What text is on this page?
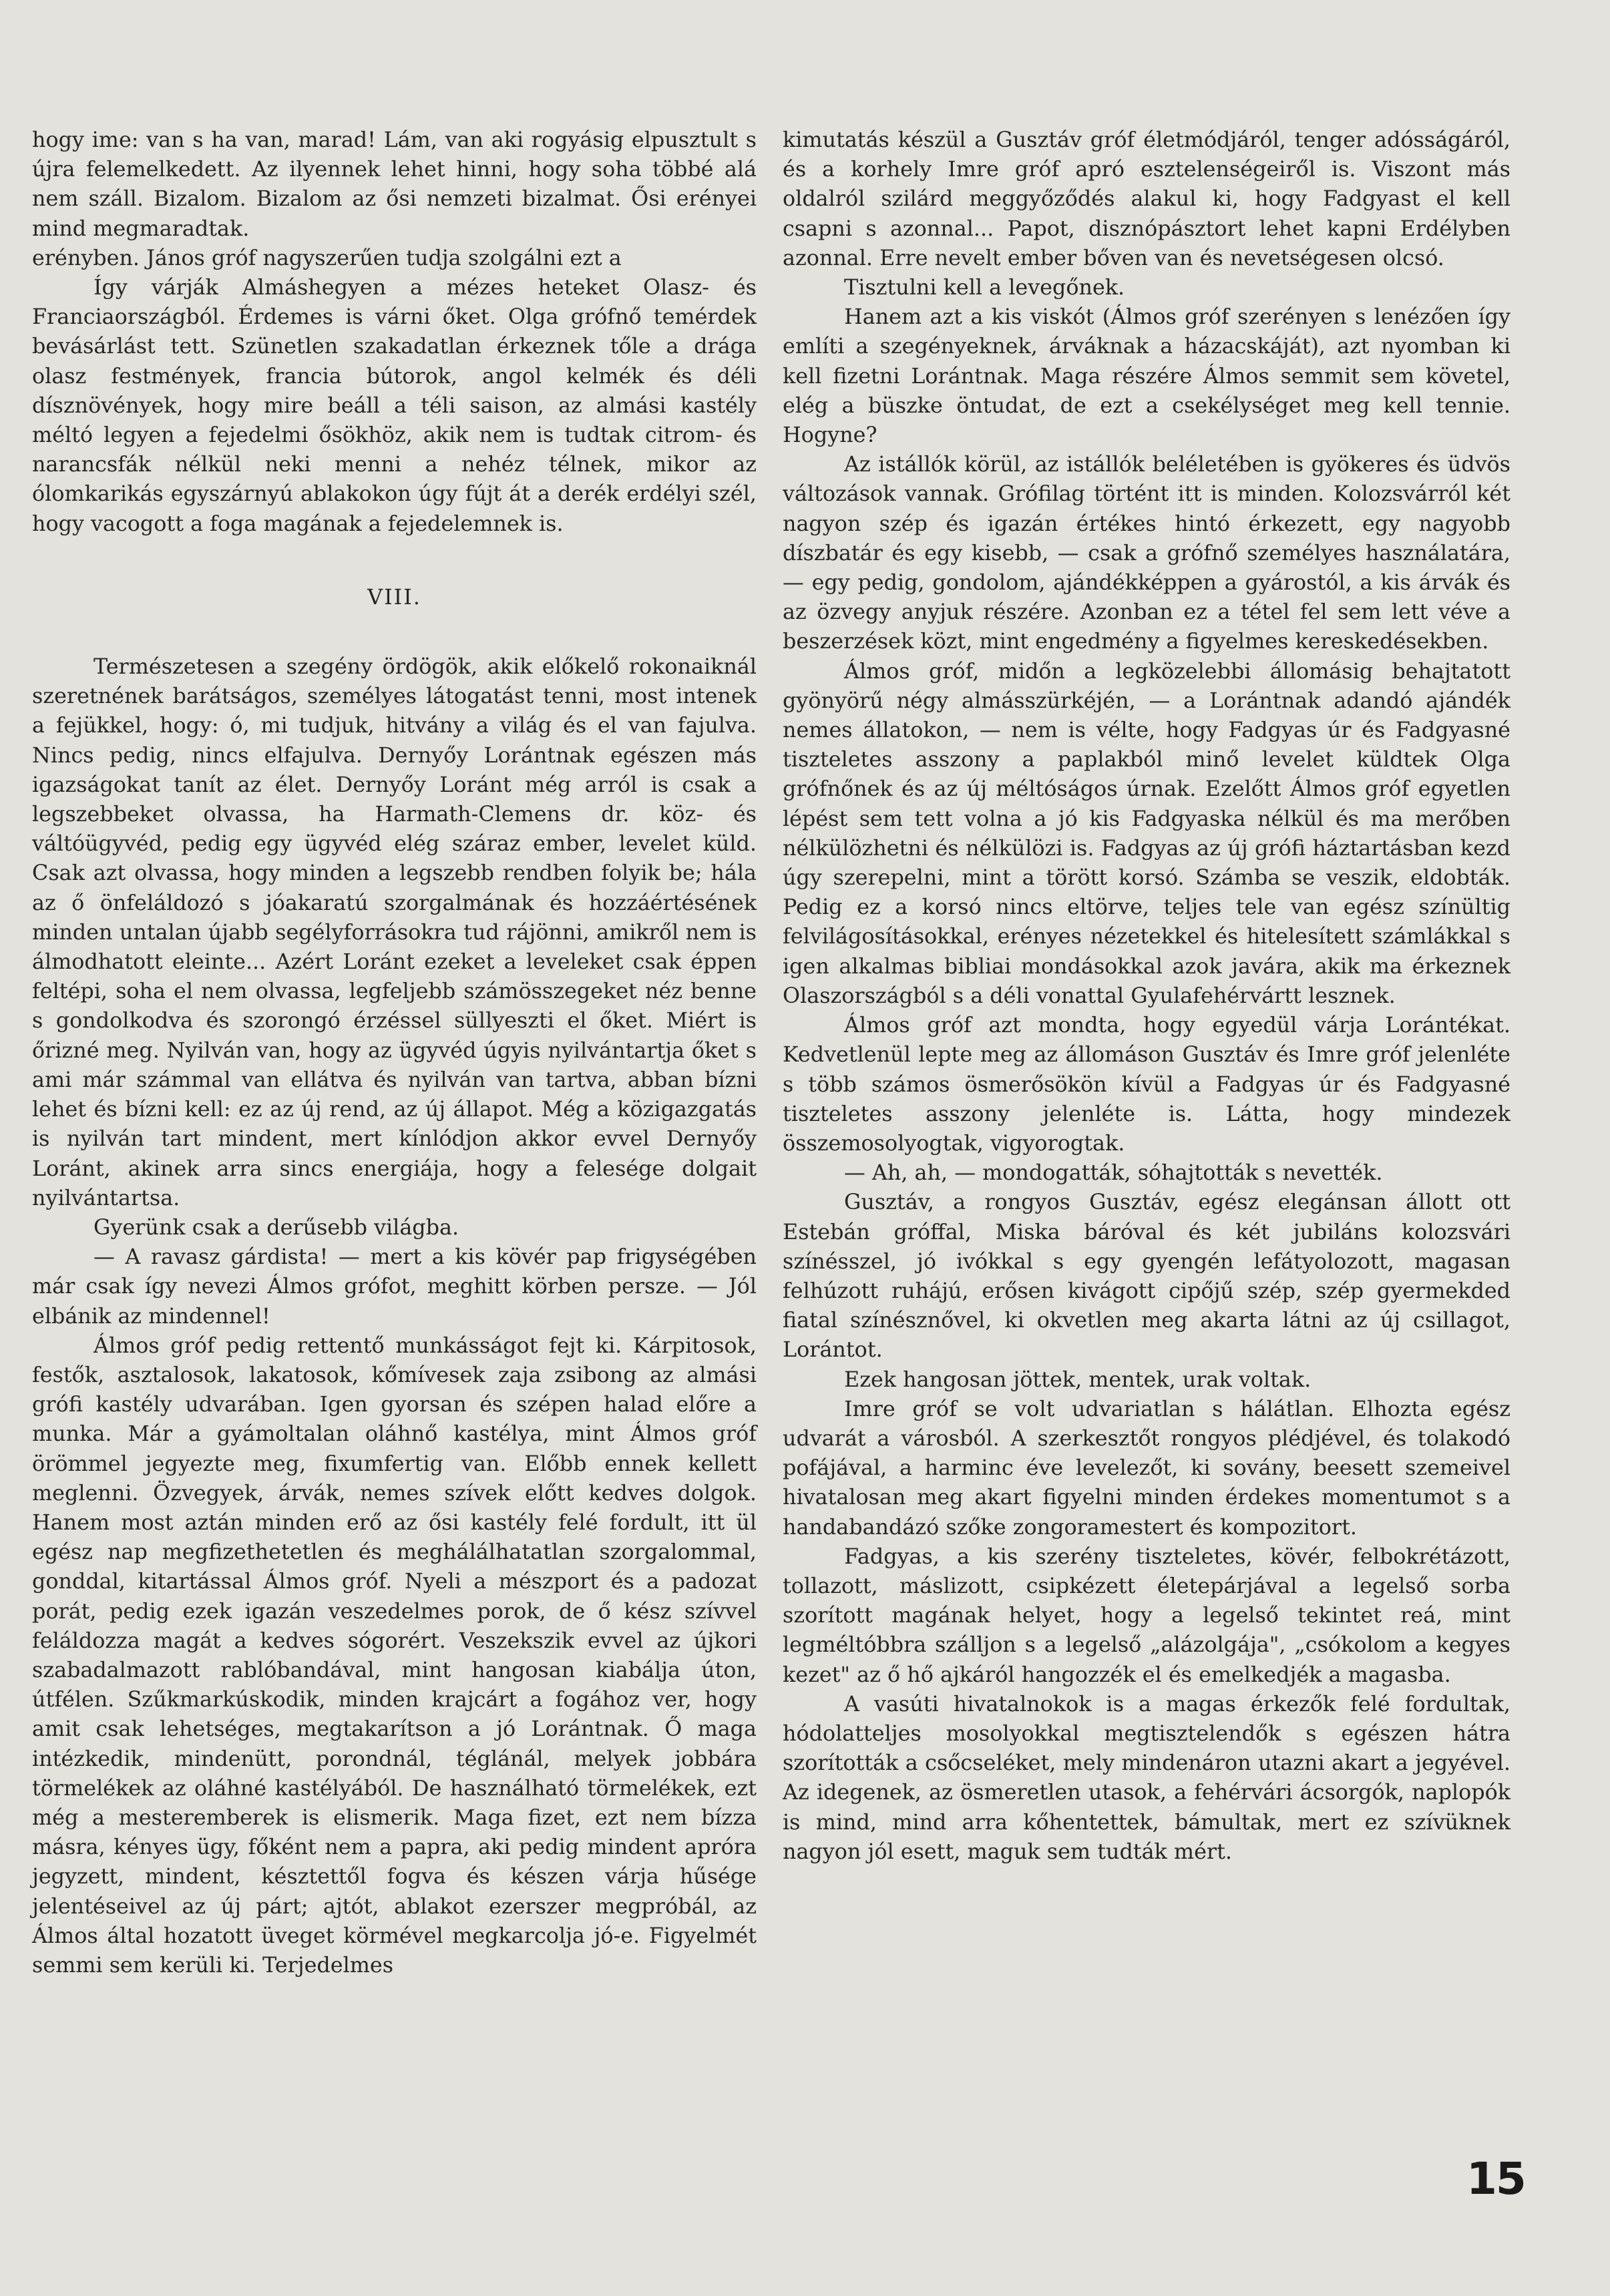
hogy ime: van s ha van, marad! Lám, van aki rogyásig elpusztult s újra felemelkedett. Az ilyennek lehet hinni, hogy soha többé alá nem száll. Bizalom. Bizalom az ősi nemzeti bizalmat. Ősi erényei mind megmaradtak.

erényben. János gróf nagyszerűen tudja szolgálni ezt a

Így várják Almáshegyen a mézes heteket Olasz- és Franciaországból. Érdemes is várni őket. Olga grófnő temérdek bevásárlást tett. Szünetlen szakadatlan érkeznek tőle a drága olasz festmények, francia bútorok, angol kelmék és déli dísznövények, hogy mire beáll a téli saison, az almási kastély méltó legyen a fejedelmi ősökhöz, akik nem is tudtak citrom- és narancsfák nélkül neki menni a nehéz télnek, mikor az ólomkarikás egyszárnyú ablakokon úgy fújt át a derék erdélyi szél, hogy vacogott a foga magának a fejedelemnek is.

VIII.

Természetesen a szegény ördögök, akik előkelő rokonaiknál szeretnének barátságos, személyes látogatást tenni, most intenek a fejükkel, hogy: ó, mi tudjuk, hitvány a világ és el van fajulva. Nincs pedig, nincs elfajulva. Dernyőy Lorántnak egészen más igazságokat tanít az élet. Dernyőy Loránt még arról is csak a legszebbeket olvassa, ha Harmath-Clemens dr. köz- és váltóügyvéd, pedig egy ügyvéd elég száraz ember, levelet küld. Csak azt olvassa, hogy minden a legszebb rendben folyik be; hála az ő önfeláldozó s jóakaratú szorgalmának és hozzáértésének minden untalan újabb segélyforrásokra tud rájönni, amikről nem is álmodhatott eleinte... Azért Loránt ezeket a leveleket csak éppen feltépi, soha el nem olvassa, legfeljebb számösszegeket néz benne s gondolkodva és szorongó érzéssel süllyeszti el őket. Miért is őrizné meg. Nyilván van, hogy az ügyvéd úgyis nyilvántartja őket s ami már számmal van ellátva és nyilván van tartva, abban bízni lehet és bízni kell: ez az új rend, az új állapot. Még a közigazgatás is nyilván tart mindent, mert kínlódjon akkor evvel Dernyőy Loránt, akinek arra sincs energiája, hogy a felesége dolgait nyilvántartsa.

Gyerünk csak a derűsebb világba.

— A ravasz gárdista! — mert a kis kövér pap frigységében már csak így nevezi Álmos grófot, meghitt körben persze. — Jól elbánik az mindennel!

Álmos gróf pedig rettentő munkásságot fejt ki. Kárpitosok, festők, asztalosok, lakatosok, kőmívesek zaja zsibong az almási grófi kastély udvarában. Igen gyorsan és szépen halad előre a munka. Már a gyámoltalan oláhnő kastélya, mint Álmos gróf örömmel jegyezte meg, fixumfertig van. Előbb ennek kellett meglenni. Özvegyek, árvák, nemes szívek előtt kedves dolgok. Hanem most aztán minden erő az ősi kastély felé fordult, itt ül egész nap megfizethetetlen és meghálálhatatlan szorgalommal, gonddal, kitartással Álmos gróf. Nyeli a mészport és a padozat porát, pedig ezek igazán veszedelmes porok, de ő kész szívvel feláldozza magát a kedves sógorért. Veszekszik evvel az újkori szabadalmazott rablóbandával, mint hangosan kiabálja úton, útfélen. Szűkmarkúskodik, minden krajcárt a fogához ver, hogy amit csak lehetséges, megtakarítson a jó Lorántnak. Ő maga intézkedik, mindenütt, porondnál, téglánál, melyek jobbára törmelékek az oláhné kastélyából. De használható törmelékek, ezt még a mesteremberek is elismerik. Maga fizet, ezt nem bízza másra, kényes ügy, főként nem a papra, aki pedig mindent apróra jegyzett, mindent, késztettől fogva és készen várja hűsége jelentéseivel az új párt; ajtót, ablakot ezerszer megpróbál, az Álmos által hozatott üveget körmével megkarcolja jó-e. Figyelmét semmi sem kerüli ki. Terjedelmes

kimutatás készül a Gusztáv gróf életmódjáról, tenger adósságáról, és a korhely Imre gróf apró esztelenségeiről is. Viszont más oldalról szilárd meggyőződés alakul ki, hogy Fadgyast el kell csapni s azonnal... Papot, disznópásztort lehet kapni Erdélyben azonnal. Erre nevelt ember bőven van és nevetségesen olcsó.

Tisztulni kell a levegőnek.

Hanem azt a kis viskót (Álmos gróf szerényen s lenézően így említi a szegényeknek, árváknak a házacskáját), azt nyomban ki kell fizetni Lorántnak. Maga részére Álmos semmit sem követel, elég a büszke öntudat, de ezt a csekélységet meg kell tennie. Hogyne?

Az istállók körül, az istállók beléletében is gyökeres és üdvös változások vannak. Grófilag történt itt is minden. Kolozsvárról két nagyon szép és igazán értékes hintó érkezett, egy nagyobb díszbatár és egy kisebb, — csak a grófnő személyes használatára, — egy pedig, gondolom, ajándékképpen a gyárostól, a kis árvák és az özvegy anyjuk részére. Azonban ez a tétel fel sem lett véve a beszerzések közt, mint engedmény a figyelmes kereskedésekben.

Álmos gróf, midőn a legközelebbi állomásig behajtatott gyönyörű négy almásszürkéjén, — a Lorántnak adandó ajándék nemes állatokon, — nem is vélte, hogy Fadgyas úr és Fadgyasné tiszteletes asszony a paplakból minő levelet küldtek Olga grófnőnek és az új méltóságos úrnak. Ezelőtt Álmos gróf egyetlen lépést sem tett volna a jó kis Fadgyaska nélkül és ma merőben nélkülözhetni és nélkülözi is. Fadgyas az új grófi háztartásban kezd úgy szerepelni, mint a törött korsó. Számba se veszik, eldobták. Pedig ez a korsó nincs eltörve, teljes tele van egész színültig felvilágosításokkal, erényes nézetekkel és hitelesített számlákkal s igen alkalmas bibliai mondásokkal azok javára, akik ma érkeznek Olaszországból s a déli vonattal Gyulafehérvártt lesznek.

Álmos gróf azt mondta, hogy egyedül várja Lorántékat. Kedvetlenül lepte meg az állomáson Gusztáv és Imre gróf jelenléte s több számos ösmerősökön kívül a Fadgyas úr és Fadgyasné tiszteletes asszony jelenléte is. Látta, hogy mindezek összemosolyogtak, vigyorogtak.

— Ah, ah, — mondogatták, sóhajtották s nevették.

Gusztáv, a rongyos Gusztáv, egész elegánsan állott ott Estebán gróffal, Miska báróval és két jubiláns kolozsvári színésszel, jó ivókkal s egy gyengén lefátyolozott, magasan felhúzott ruhájú, erősen kivágott cipőjű szép, szép gyermekded fiatal színésznővel, ki okvetlen meg akarta látni az új csillagot, Lorántot.

Ezek hangosan jöttek, mentek, urak voltak.

Imre gróf se volt udvariatlan s hálátlan. Elhozta egész udvarát a városból. A szerkesztőt rongyos plédjével, és tolakodó pofájával, a harminc éve levelezőt, ki sovány, beesett szemeivel hivatalosan meg akart figyelni minden érdekes momentumot s a handabandázó szőke zongoramestert és kompozitort.

Fadgyas, a kis szerény tiszteletes, kövér, felbokrétázott, tollazott, máslizott, csipkézett életepárjával a legelső sorba szorított magának helyet, hogy a legelső tekintet reá, mint legméltóbbra szálljon s a legelső „alázolgája", „csókolom a kegyes kezet" az ő hő ajkáról hangozzék el és emelkedjék a magasba.

A vasúti hivatalnokok is a magas érkezők felé fordultak, hódolatteljes mosolyokkal megtisztelendők s egészen hátra szorították a csőcseléket, mely mindenáron utazni akart a jegyével. Az idegenek, az ösmeretlen utasok, a fehérvári ácsorgók, naplopók is mind, mind arra kőhentettek, bámultak, mert ez szívüknek nagyon jól esett, maguk sem tudták mért.

15
